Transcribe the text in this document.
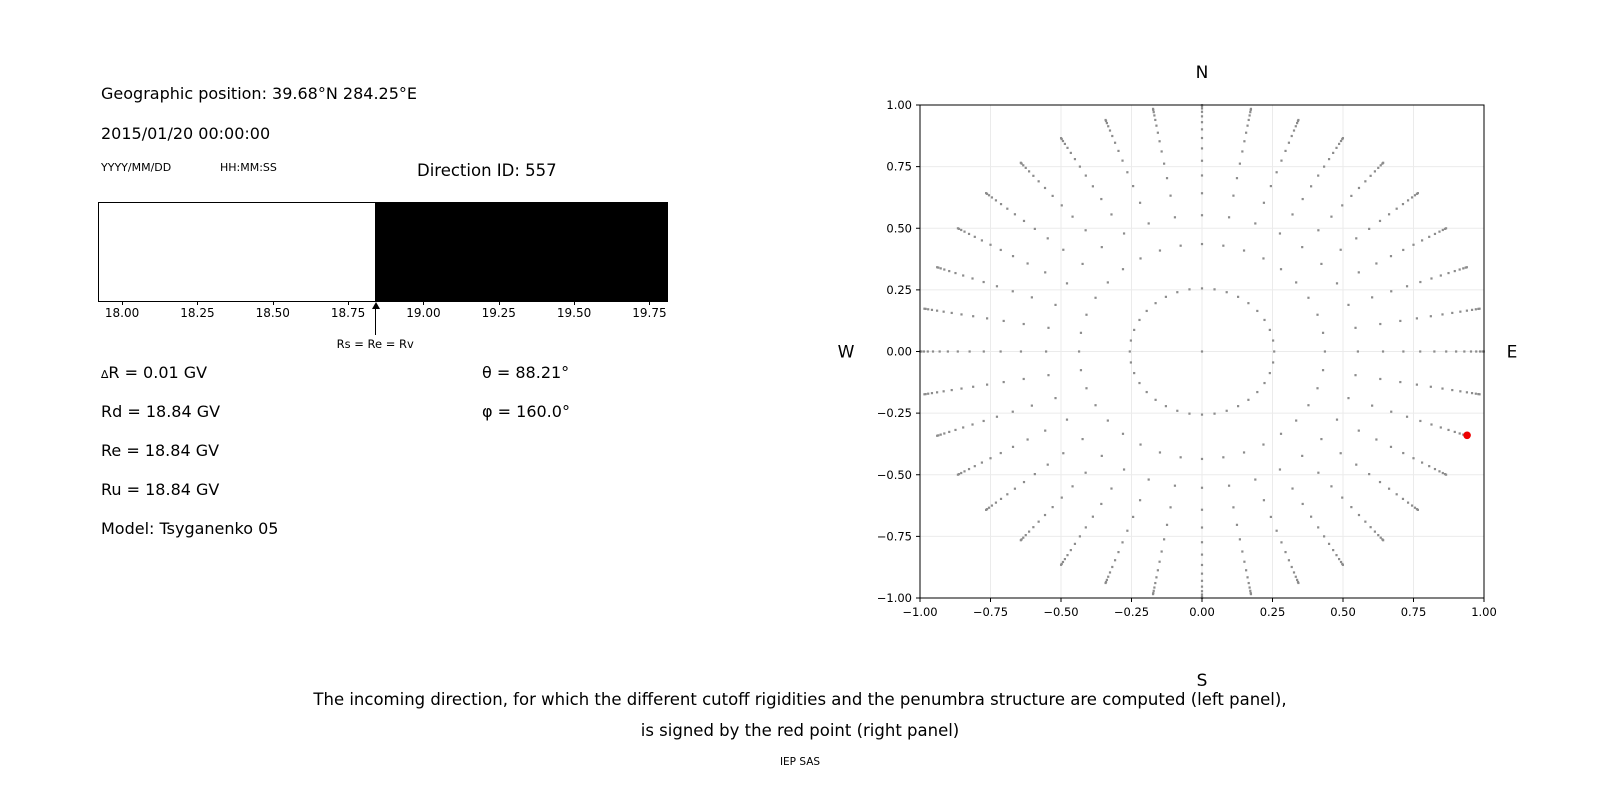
Geographic position: 39.68°N 284.25°E
2015/01/20 00:00:00
YYYY/MM/DD	HH:MM:SS	Direction ID: 557
18.00	18.25	18.50	18.75	19.00	19.25	19.50	19.75
Rs = Re = Rv
∆R = 0.01 GV
Rd = 18.84 GV
Re = 18.84 GV
Ru = 18.84 GV
Model: Tsyganenko 05
θ = 88.21°
φ = 160.0°
−1.00	−0.75	−0.50	−0.25	0.00	0.25	0.50	0.75	1.00
1.00
0.75
0.50
0.25
0.00
−0.25
−0.50
−0.75
−1.00
N
S
W	E
The incoming direction, for which the different cutoff rigidities and the penumbra structure are computed (left panel),
is signed by the red point (right panel)
IEP SAS
